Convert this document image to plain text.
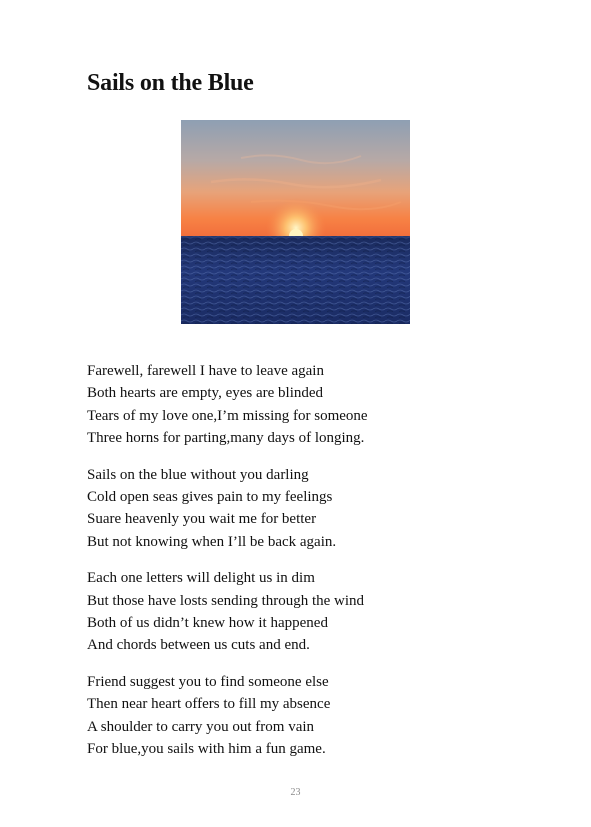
Sails on the Blue
Farewell, farewell I have to leave again
Both hearts are empty, eyes are blinded
Tears of my love one,I’m missing for someone
Three horns for parting,many days of longing.
Sails on the blue without you darling
Cold open seas gives pain to my feelings
Suare heavenly you wait me for better
But not knowing when I’ll be back again.
Each one letters will delight us in dim
But those have losts sending through the wind
Both of us didn’t knew how it happened
And chords between us cuts and end.
Friend suggest you to find someone else
Then near heart offers to fill my absence
A shoulder to carry you out from vain
For blue,you sails with him a fun game.
23
